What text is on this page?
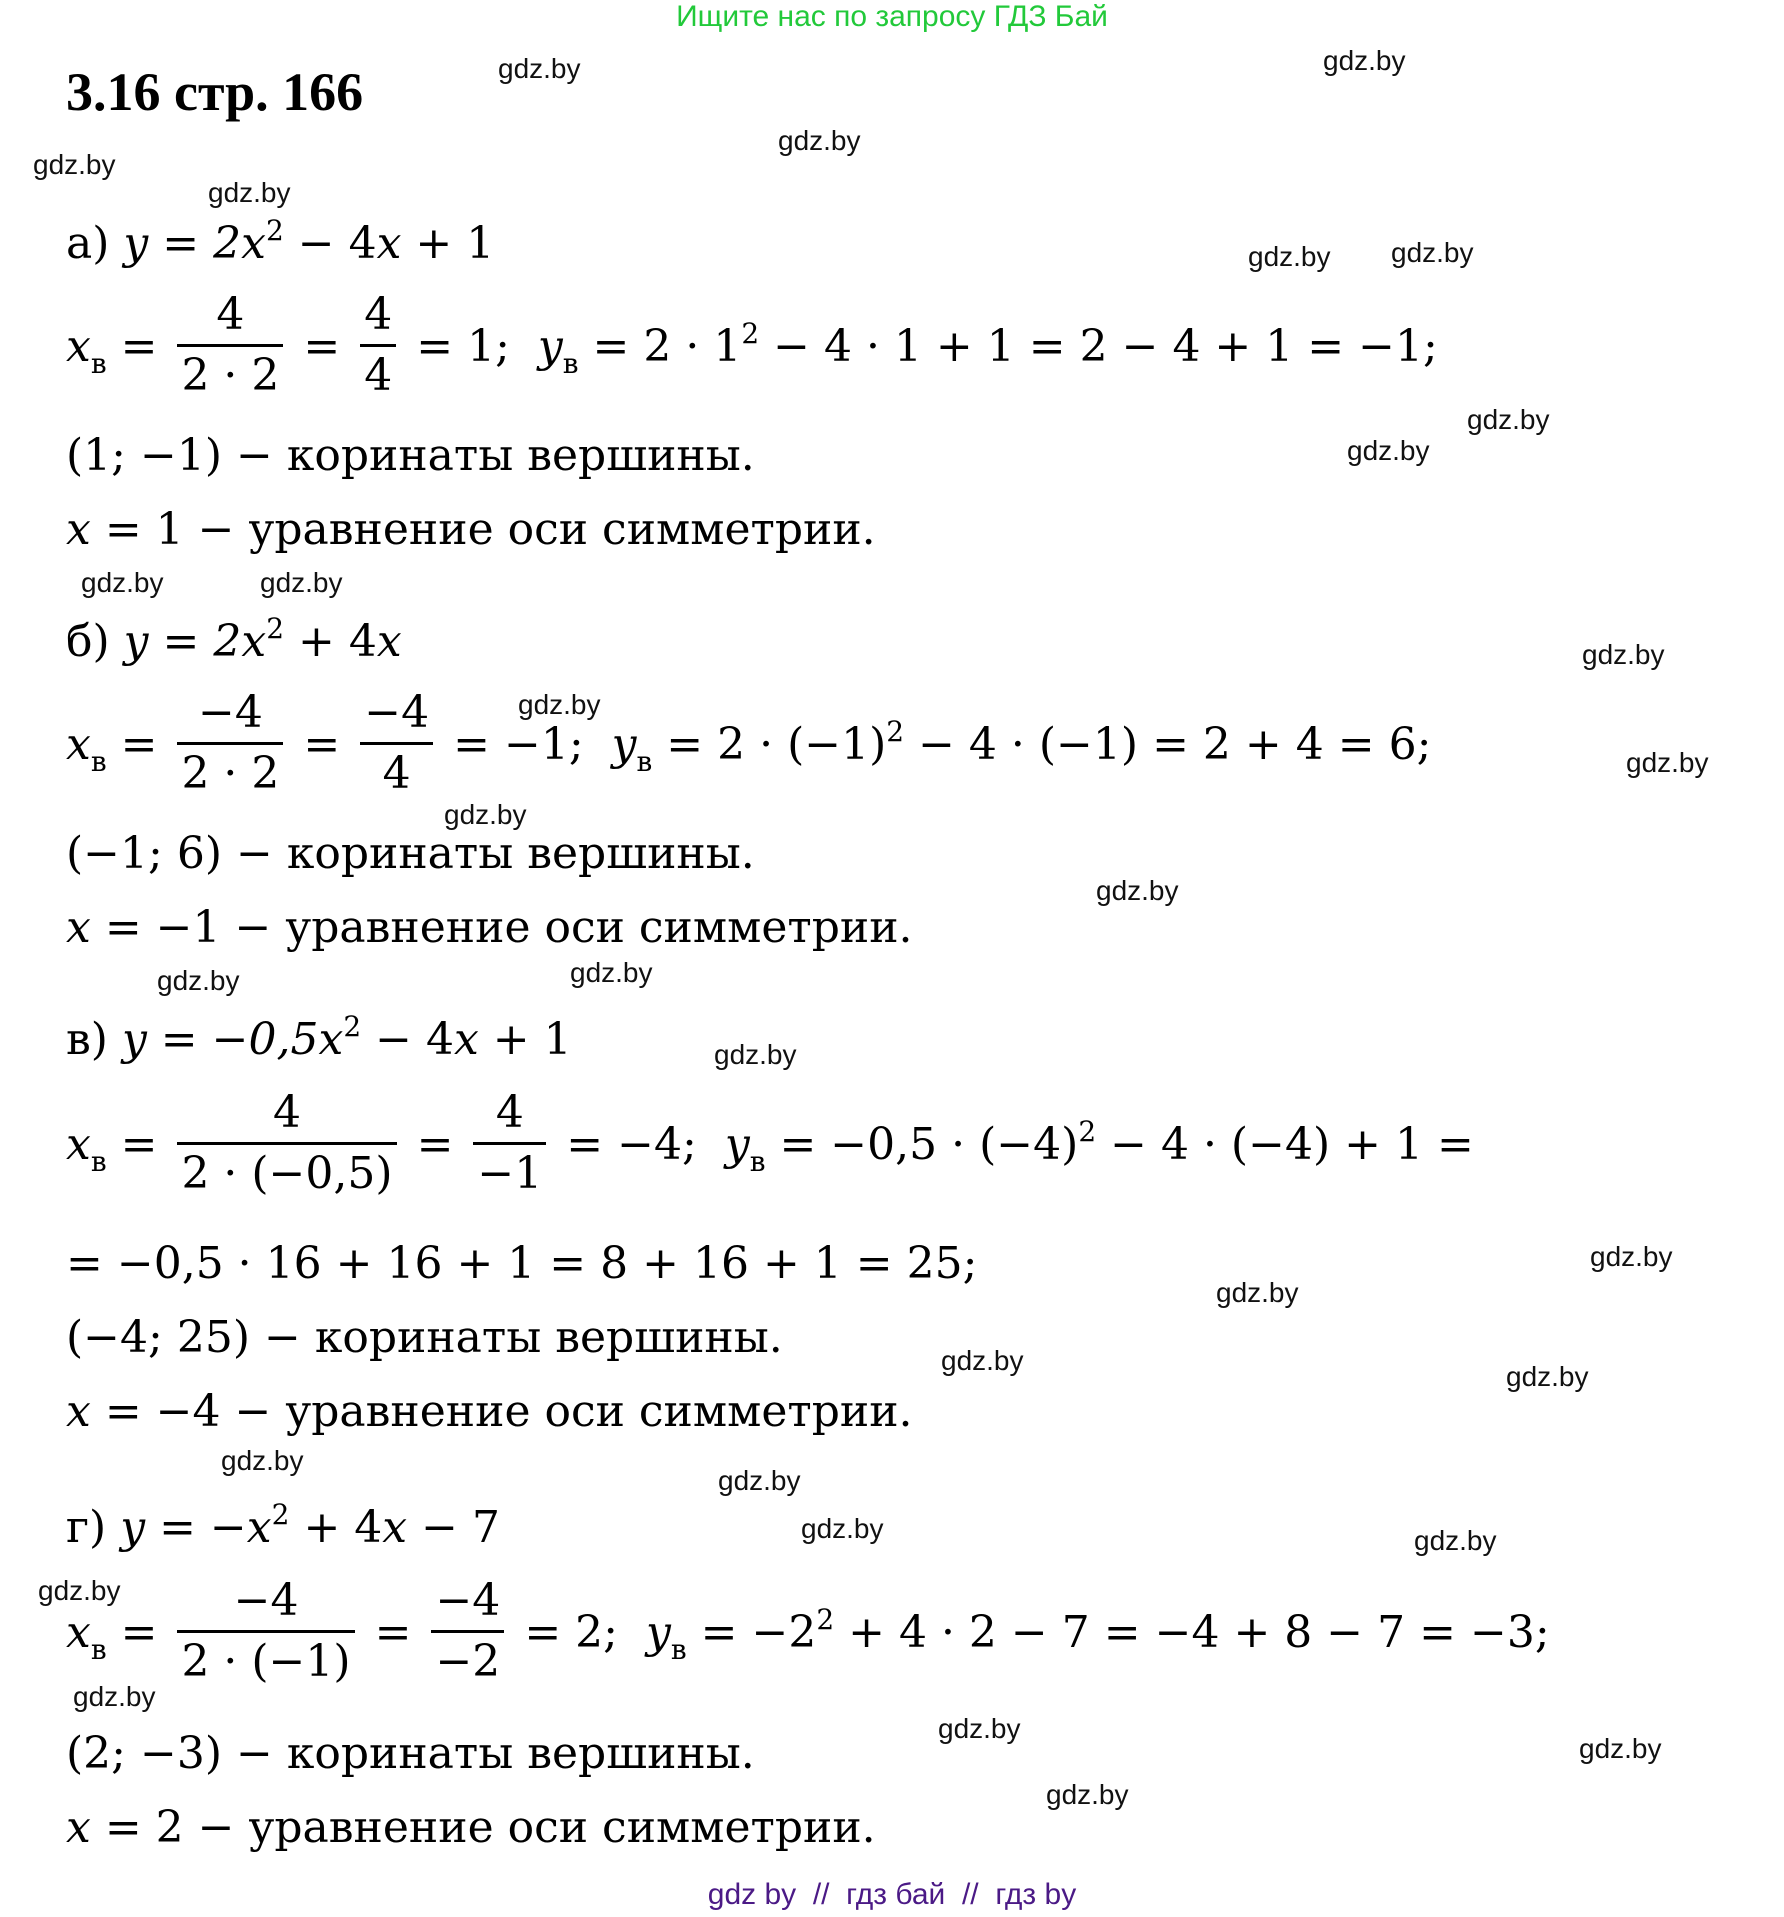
Ищите нас по запросу ГДЗ Бай
3.16 стр. 166	gdz.by	gdz.by
gdz.by
gdz.by
gdz.by
gdz.by gdz.by
gdz.by
gdz.by
gdz.by	gdz.by
gdz.by
gdz.by
gdz.by
gdz.by
gdz.by
gdz.by	gdz.by
gdz.by
gdz.by
gdz.by
gdz.by
gdz.by
gdz.by
gdz.by
gdz.by	gdz.by
gdz.by
gdz.by
gdz.by
gdz.by
gdz.by
а) $y = 2x^2 - 4x + 1$
$x_в = \frac{4}{2 \cdot 2} = \frac{4}{4} = 1$; $y_в = 2 \cdot 1^2 - 4 \cdot 1 + 1 = 2 - 4 + 1 = -1$;
(1; −1) − коринаты вершины.
x = 1 − уравнение оси симметрии.
б) $y = 2x^2 + 4x$
$x_в = \frac{-4}{2 \cdot 2} = \frac{-4}{4} = -1$; $y_в = 2 \cdot (-1)^2 - 4 \cdot (-1) = 2 + 4 = 6$;
(−1; 6) − коринаты вершины.
x = −1 − уравнение оси симметрии.
в) $y = -0,5x^2 - 4x + 1$
$x_в = \frac{4}{2 \cdot (-0,5)} = \frac{4}{-1} = -4$; $y_в = -0,5 \cdot (-4)^2 - 4 \cdot (-4) + 1$ =
= −0,5 · 16 + 16 + 1 = 8 + 16 + 1 = 25;
(−4; 25) − коринаты вершины.
x = −4 − уравнение оси симметрии.
г) $y = -x^2 + 4x - 7$
$x_в = \frac{-4}{2 \cdot (-1)} = \frac{-4}{-2} = 2$; $y_в = -2^2 + 4 \cdot 2 - 7 = -4 + 8 - 7 = -3$;
(2; −3) − коринаты вершины.
x = 2 − уравнение оси симметрии.
gdz by  //  гдз бай  //  гдз by
